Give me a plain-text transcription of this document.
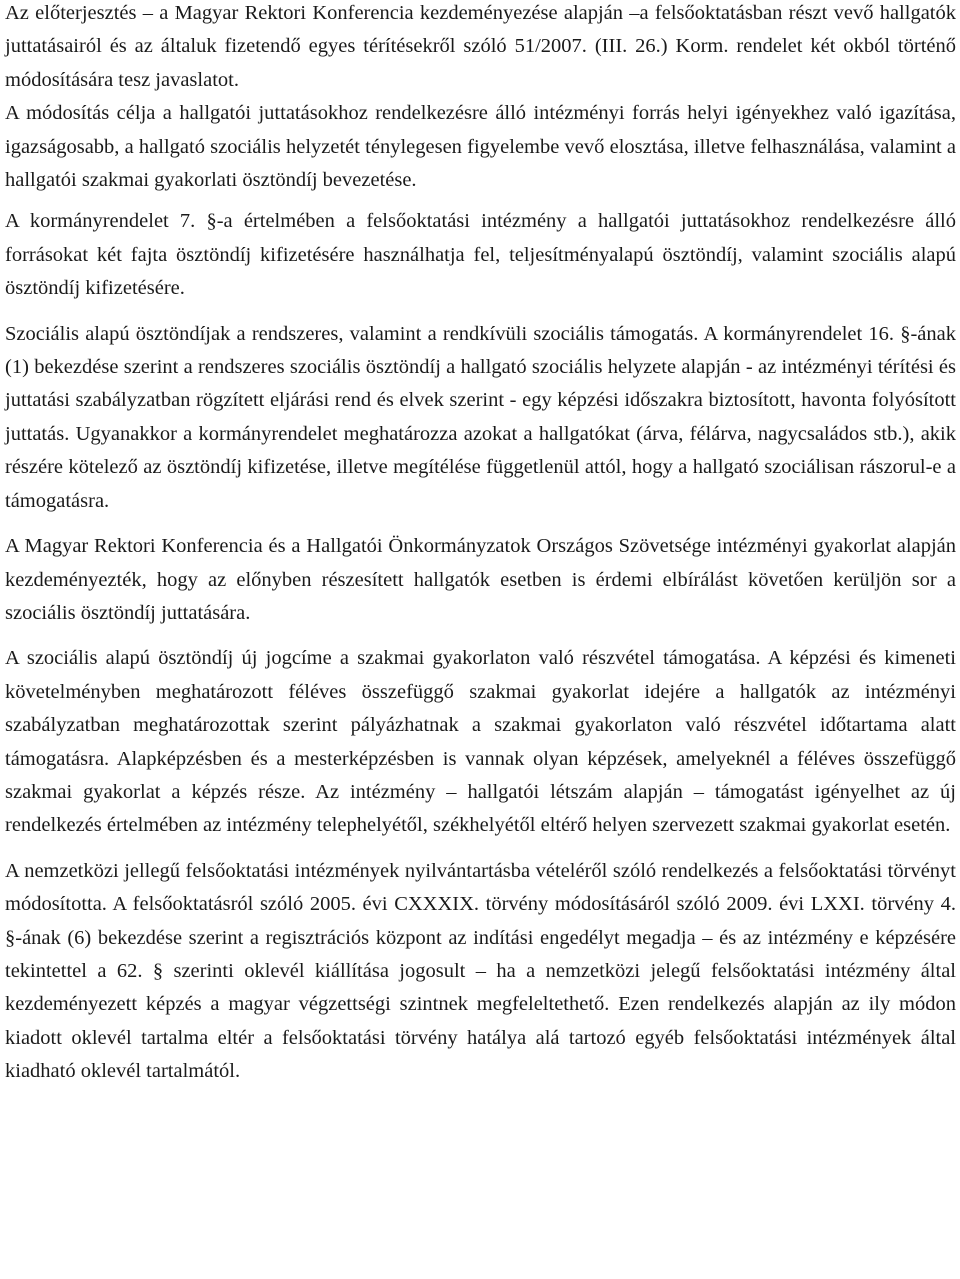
Az előterjesztés – a Magyar Rektori Konferencia kezdeményezése alapján –a felsőoktatásban részt vevő hallgatók juttatásairól és az általuk fizetendő egyes térítésekről szóló 51/2007. (III. 26.) Korm. rendelet két okból történő módosítására tesz javaslatot.

A módosítás célja a hallgatói juttatásokhoz rendelkezésre álló intézményi forrás helyi igényekhez való igazítása, igazságosabb, a hallgató szociális helyzetét ténylegesen figyelembe vevő elosztása, illetve felhasználása, valamint a hallgatói szakmai gyakorlati ösztöndíj bevezetése.

A kormányrendelet 7. §-a értelmében a felsőoktatási intézmény a hallgatói juttatásokhoz rendelkezésre álló forrásokat két fajta ösztöndíj kifizetésére használhatja fel, teljesítményalapú ösztöndíj, valamint szociális alapú ösztöndíj kifizetésére.

Szociális alapú ösztöndíjak a rendszeres, valamint a rendkívüli szociális támogatás. A kormányrendelet 16. §-ának (1) bekezdése szerint a rendszeres szociális ösztöndíj a hallgató szociális helyzete alapján - az intézményi térítési és juttatási szabályzatban rögzített eljárási rend és elvek szerint - egy képzési időszakra biztosított, havonta folyósított juttatás. Ugyanakkor a kormányrendelet meghatározza azokat a hallgatókat (árva, félárva, nagycsaládos stb.), akik részére kötelező az ösztöndíj kifizetése, illetve megítélése függetlenül attól, hogy a hallgató szociálisan rászorul-e a támogatásra.

A Magyar Rektori Konferencia és a Hallgatói Önkormányzatok Országos Szövetsége intézményi gyakorlat alapján kezdeményezték, hogy az előnyben részesített hallgatók esetben is érdemi elbírálást követően kerüljön sor a szociális ösztöndíj juttatására.

A szociális alapú ösztöndíj új jogcíme a szakmai gyakorlaton való részvétel támogatása. A képzési és kimeneti követelményben meghatározott féléves összefüggő szakmai gyakorlat idejére a hallgatók az intézményi szabályzatban meghatározottak szerint pályázhatnak a szakmai gyakorlaton való részvétel időtartama alatt támogatásra. Alapképzésben és a mesterképzésben is vannak olyan képzések, amelyeknél a féléves összefüggő szakmai gyakorlat a képzés része. Az intézmény – hallgatói létszám alapján – támogatást igényelhet az új rendelkezés értelmében az intézmény telephelyétől, székhelyétől eltérő helyen szervezett szakmai gyakorlat esetén.

A nemzetközi jellegű felsőoktatási intézmények nyilvántartásba vételéről szóló rendelkezés a felsőoktatási törvényt módosította. A felsőoktatásról szóló 2005. évi CXXXIX. törvény módosításáról szóló 2009. évi LXXI. törvény 4. §-ának (6) bekezdése szerint a regisztrációs központ az indítási engedélyt megadja – és az intézmény e képzésére tekintettel a 62. § szerinti oklevél kiállítása jogosult – ha a nemzetközi jelegű felsőoktatási intézmény által kezdeményezett képzés a magyar végzettségi szintnek megfeleltethető. Ezen rendelkezés alapján az ily módon kiadott oklevél tartalma eltér a felsőoktatási törvény hatálya alá tartozó egyéb felsőoktatási intézmények által kiadható oklevél tartalmától.
